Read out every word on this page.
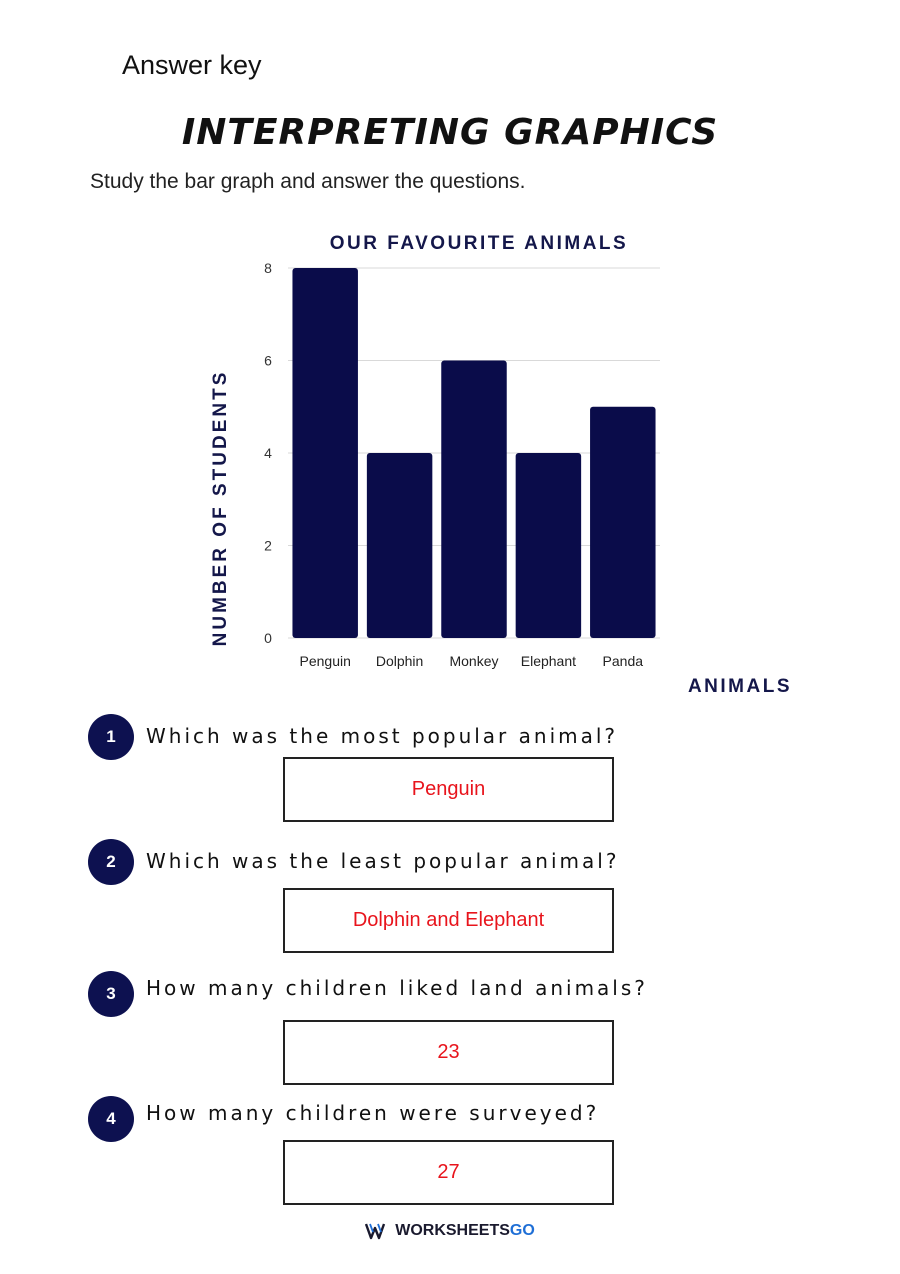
Answer key
INTERPRETING GRAPHICS
Study the bar graph and answer the questions.
OUR FAVOURITE ANIMALS
NUMBER OF STUDENTS
ANIMALS
0
2
4
6
8
Penguin Dolphin Monkey Elephant Panda
1	Which was the most popular animal?
Penguin
2	Which was the least popular animal?
Dolphin and Elephant
3	How many children liked land animals?
23
4	How many children were surveyed?
27
WORKSHEETSGO
